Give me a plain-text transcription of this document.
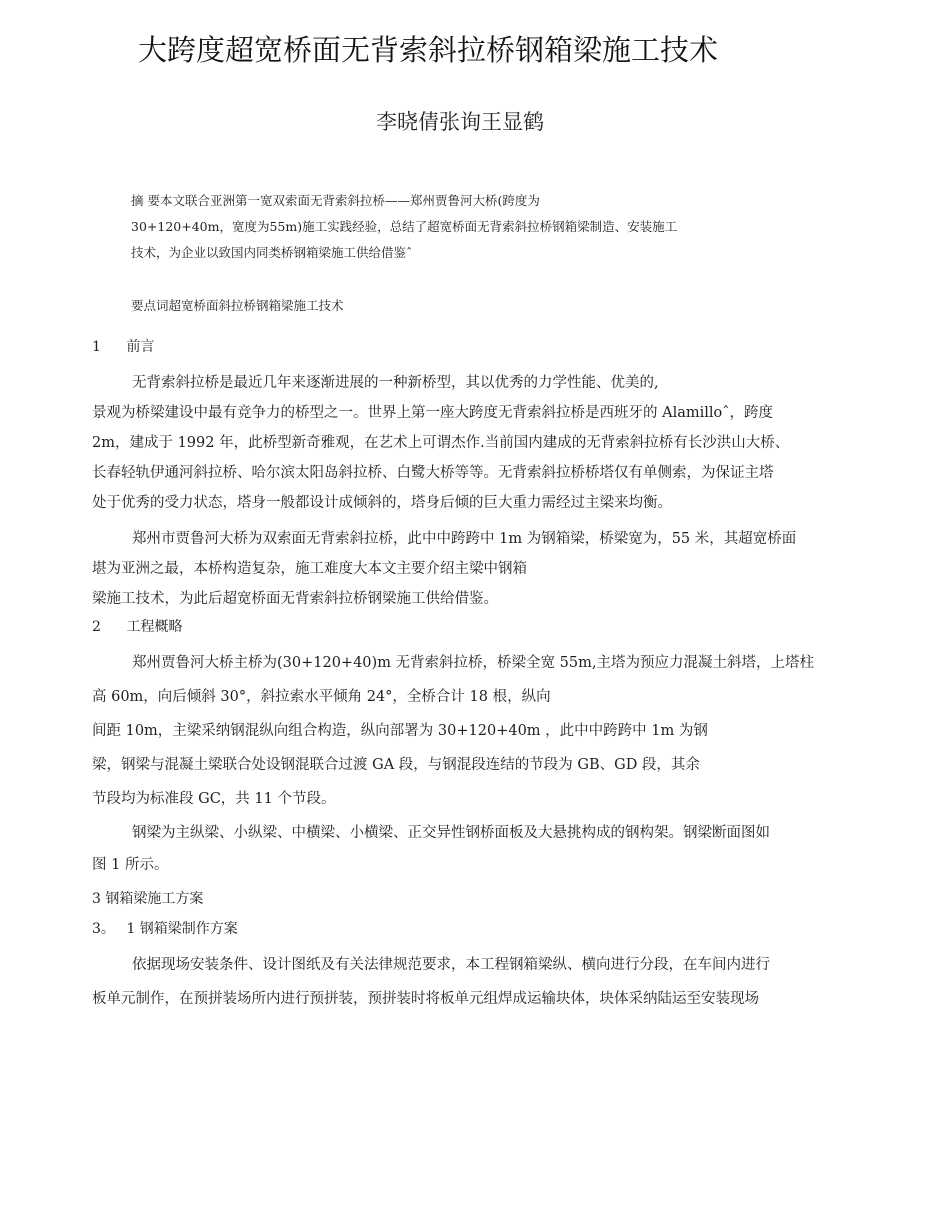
大跨度超宽桥面无背索斜拉桥钢箱梁施工技术
李晓倩张询王显鹤
摘 要本文联合亚洲第一宽双索面无背索斜拉桥——郑州贾鲁河大桥(跨度为
30+120+40m，宽度为55m)施工实践经验，总结了超宽桥面无背索斜拉桥钢箱梁制造、安装施工
技术，为企业以致国内同类桥钢箱梁施工供给借鉴ˆ
要点词超宽桥面斜拉桥钢箱梁施工技术
1 前言
无背索斜拉桥是最近几年来逐渐进展的一种新桥型，其以优秀的力学性能、优美的,
景观为桥梁建设中最有竞争力的桥型之一。世界上第一座大跨度无背索斜拉桥是西班牙的 Alamilloˆ，跨度
2m，建成于 1992 年，此桥型新奇雅观，在艺术上可谓杰作.当前国内建成的无背索斜拉桥有长沙洪山大桥、
长春轻轨伊通河斜拉桥、哈尔滨太阳岛斜拉桥、白鹭大桥等等。无背索斜拉桥桥塔仅有单侧索，为保证主塔
处于优秀的受力状态，塔身一般都设计成倾斜的，塔身后倾的巨大重力需经过主梁来均衡。
郑州市贾鲁河大桥为双索面无背索斜拉桥，此中中跨跨中 1m 为钢箱梁，桥梁宽为，55 米，其超宽桥面
堪为亚洲之最，本桥构造复杂，施工难度大本文主要介绍主梁中钢箱
梁施工技术，为此后超宽桥面无背索斜拉桥钢梁施工供给借鉴。
2 工程概略
郑州贾鲁河大桥主桥为(30+120+40)m 无背索斜拉桥，桥梁全宽 55m,主塔为预应力混凝土斜塔，上塔柱
高 60m，向后倾斜 30°，斜拉索水平倾角 24°，全桥合计 18 根，纵向
间距 10m，主梁采纳钢混纵向组合构造，纵向部署为 30+120+40m ，此中中跨跨中 1m 为钢
梁，钢梁与混凝土梁联合处设钢混联合过渡 GA 段，与钢混段连结的节段为 GB、GD 段，其余
节段均为标准段 GC，共 11 个节段。
钢梁为主纵梁、小纵梁、中横梁、小横梁、正交异性钢桥面板及大悬挑构成的钢构架。钢梁断面图如
图 1 所示。
3 钢箱梁施工方案
3。 1 钢箱梁制作方案
依据现场安装条件、设计图纸及有关法律规范要求，本工程钢箱梁纵、横向进行分段，在车间内进行
板单元制作，在预拼装场所内进行预拼装，预拼装时将板单元组焊成运输块体，块体采纳陆运至安装现场
